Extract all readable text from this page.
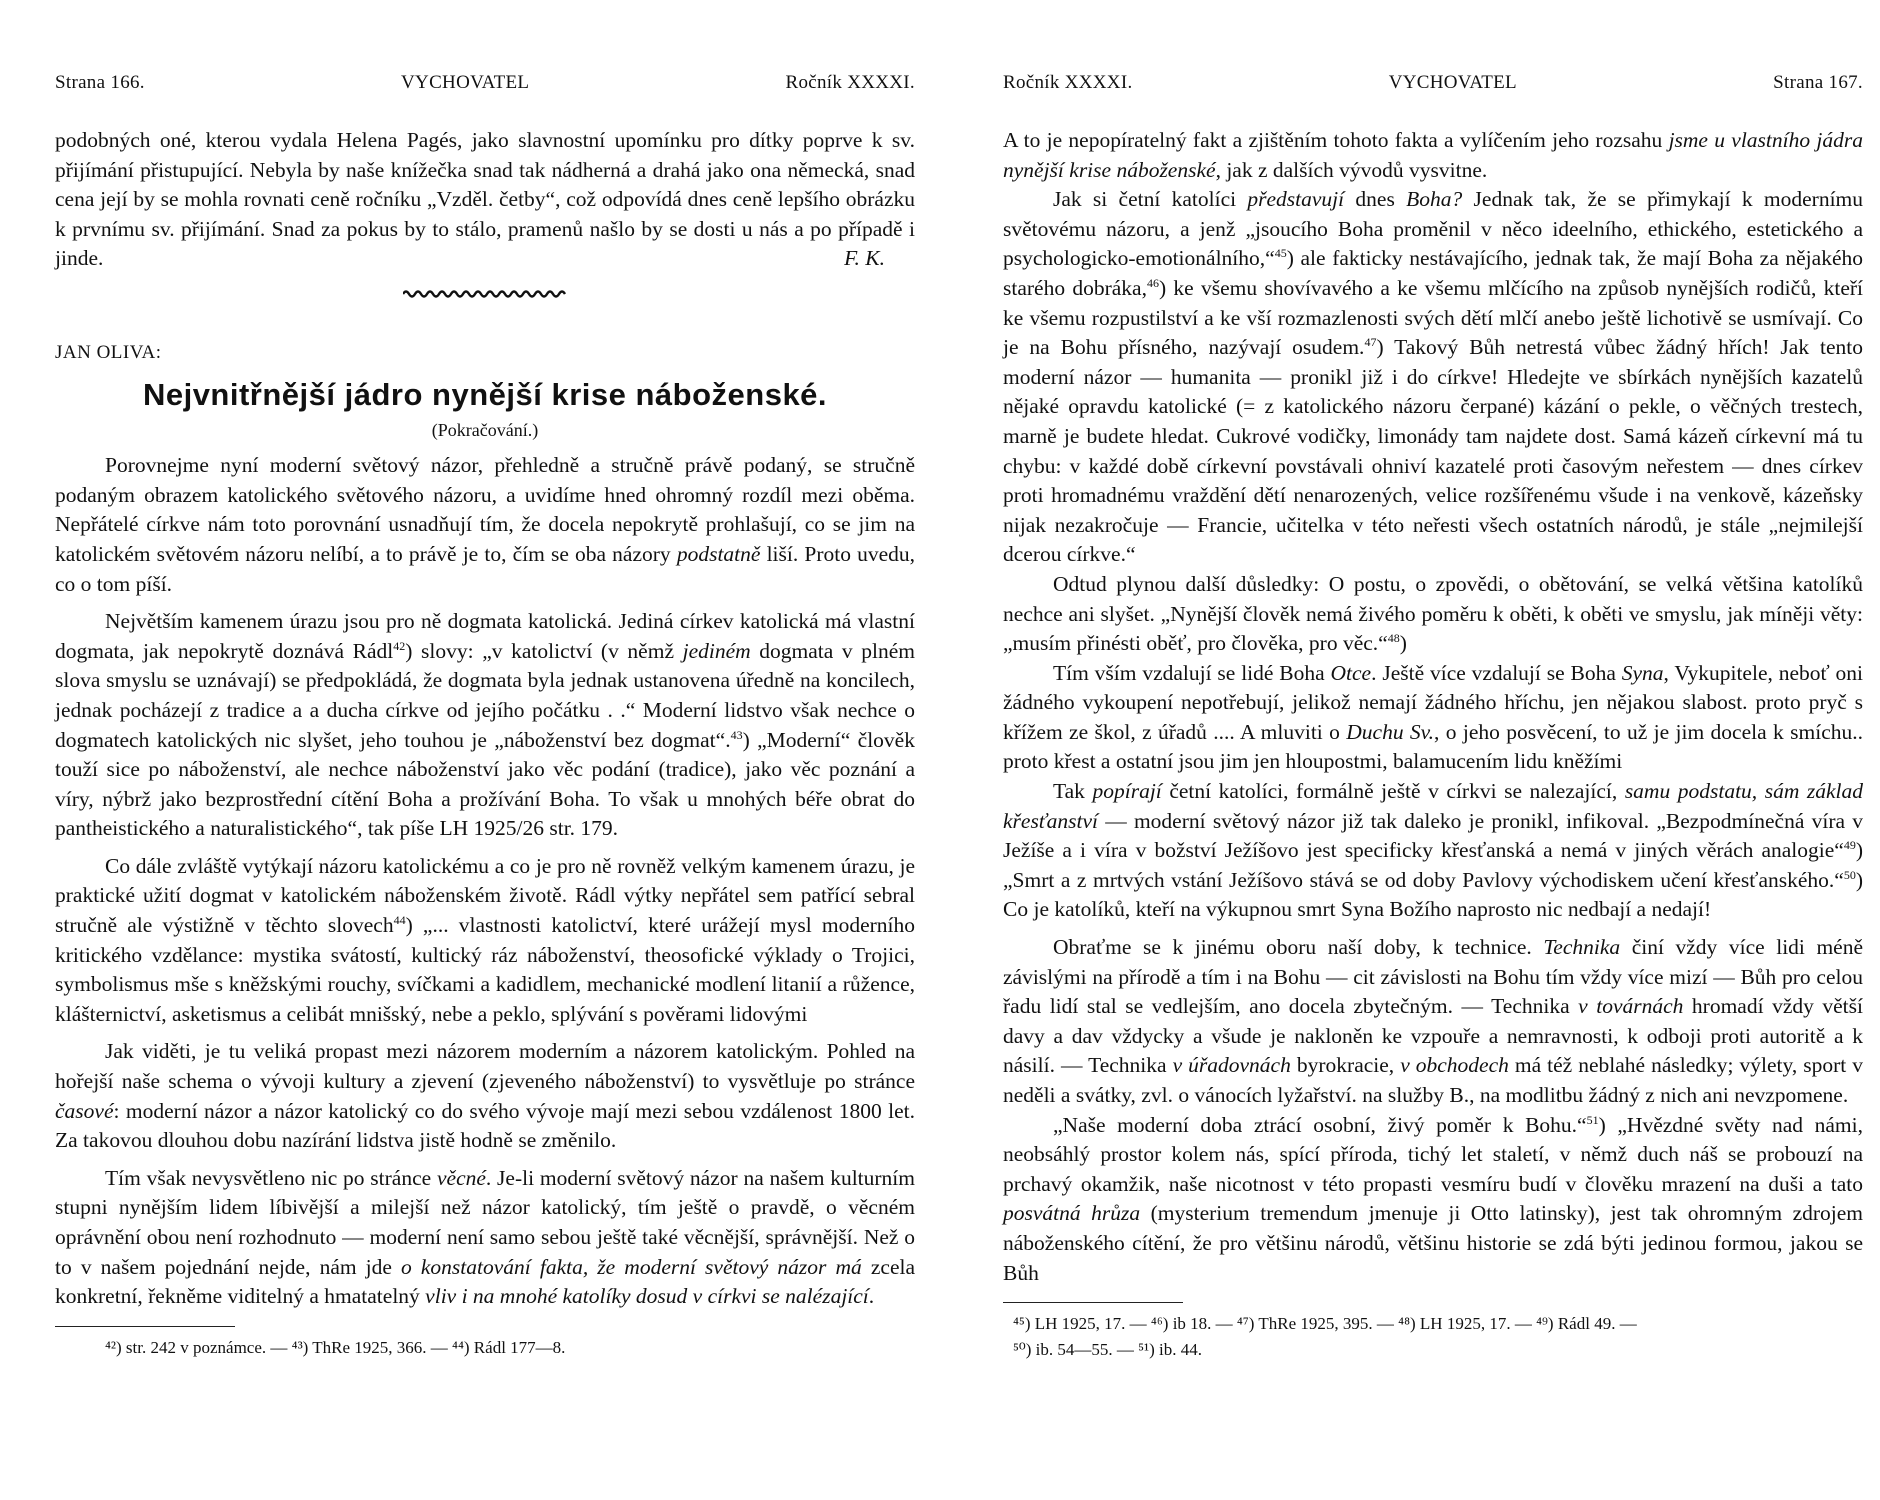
Strana 166.	VYCHOVATEL	Ročník XXXXI.

podobných oné, kterou vydala Helena Pagés, jako slavnostní upomínku pro dítky poprve k sv. přijímání přistupující. Nebyla by naše knížečka snad tak nádherná a drahá jako ona německá, snad cena její by se mohla rovnati ceně ročníku „Vzděl. četby“, což odpovídá dnes ceně lepšího obrázku k prvnímu sv. přijímání. Snad za pokus by to stálo, pramenů našlo by se dosti u nás a po případě i jinde.	F. K.
JAN OLIVA:
Nejvnitřnější jádro nynější krise náboženské.
(Pokračování.)

Porovnejme nyní moderní světový názor, přehledně a stručně právě podaný, se stručně podaným obrazem katolického světového názoru, a uvidíme hned ohromný rozdíl mezi oběma. Nepřátelé církve nám toto porovnání usnadňují tím, že docela nepokrytě prohlašují, co se jim na katolickém světovém názoru nelíbí, a to právě je to, čím se oba názory podstatně liší. Proto uvedu, co o tom píší.

Největším kamenem úrazu jsou pro ně dogmata katolická. Jediná církev katolická má vlastní dogmata, jak nepokrytě doznává Rádl$^{42}$) slovy: „v katolictví (v němž jediném dogmata v plném slova smyslu se uznávají) se předpokládá, že dogmata byla jednak ustanovena úředně na koncilech, jednak pocházejí z tradice a a ducha církve od jejího počátku . .“ Moderní lidstvo však nechce o dogmatech katolických nic slyšet, jeho touhou je „náboženství bez dogmat“.$^{43}$) „Moderní“ člověk touží sice po náboženství, ale nechce náboženství jako věc podání (tradice), jako věc poznání a víry, nýbrž jako bezprostřední cítění Boha a prožívání Boha. To však u mnohých béře obrat do pantheistického a naturalistického“, tak píše LH 1925/26 str. 179.

Co dále zvláště vytýkají názoru katolickému a co je pro ně rovněž velkým kamenem úrazu, je praktické užití dogmat v katolickém náboženském životě. Rádl výtky nepřátel sem patřící sebral stručně ale výstižně v těchto slovech$^{44}$) „... vlastnosti katolictví, které urážejí mysl moderního kritického vzdělance: mystika svátostí, kultický ráz náboženství, theosofické výklady o Trojici, symbolismus mše s kněžskými rouchy, svíčkami a kadidlem, mechanické modlení litanií a růžence, klášternictví, asketismus a celibát mnišský, nebe a peklo, splývání s pověrami lidovými

Jak viděti, je tu veliká propast mezi názorem moderním a názorem katolickým. Pohled na hořejší naše schema o vývoji kultury a zjevení (zjeveného náboženství) to vysvětluje po stránce časové: moderní názor a názor katolický co do svého vývoje mají mezi sebou vzdálenost 1800 let. Za takovou dlouhou dobu nazírání lidstva jistě hodně se změnilo.

Tím však nevysvětleno nic po stránce věcné. Je-li moderní světový názor na našem kulturním stupni nynějším lidem líbivější a milejší než názor katolický, tím ještě o pravdě, o věcném oprávnění obou není rozhodnuto — moderní není samo sebou ještě také věcnější, správnější. Než o to v našem pojednání nejde, nám jde o konstatování fakta, že moderní světový názor má zcela konkretní, řekněme viditelný a hmatatelný vliv i na mnohé katolíky dosud v církvi se nalézající.

⁴²) str. 242 v poznámce. — ⁴³) ThRe 1925, 366. — ⁴⁴) Rádl 177—8.
Ročník XXXXI.	VYCHOVATEL	Strana 167.

A to je nepopíratelný fakt a zjištěním tohoto fakta a vylíčením jeho rozsahu jsme u vlastního jádra nynější krise náboženské, jak z dalších vývodů vysvitne.

Jak si četní katolíci představují dnes Boha? Jednak tak, že se přimykají k modernímu světovému názoru, a jenž „jsoucího Boha proměnil v něco ideelního, ethického, estetického a psychologicko-emotionálního,“$^{45}$) ale fakticky nestávajícího, jednak tak, že mají Boha za nějakého starého dobráka,$^{46}$) ke všemu shovívavého a ke všemu mlčícího na způsob nynějších rodičů, kteří ke všemu rozpustilství a ke vší rozmazlenosti svých dětí mlčí anebo ještě lichotivě se usmívají. Co je na Bohu přísného, nazývají osudem.$^{47}$) Takový Bůh netrestá vůbec žádný hřích! Jak tento moderní názor — humanita — pronikl již i do církve! Hledejte ve sbírkách nynějších kazatelů nějaké opravdu katolické (= z katolického názoru čerpané) kázání o pekle, o věčných trestech, marně je budete hledat. Cukrové vodičky, limonády tam najdete dost. Samá kázeň církevní má tu chybu: v každé době církevní povstávali ohniví kazatelé proti časovým neřestem — dnes církev proti hromadnému vraždění dětí nenarozených, velice rozšířenému všude i na venkově, kázeňsky nijak nezakročuje — Francie, učitelka v této neřesti všech ostatních národů, je stále „nejmilejší dcerou církve.“

Odtud plynou další důsledky: O postu, o zpovědi, o obětování, se velká většina katolíků nechce ani slyšet. „Nynější člověk nemá živého poměru k oběti, k oběti ve smyslu, jak míněji věty: „musím přinésti oběť, pro člověka, pro věc.“$^{48}$)

Tím vším vzdalují se lidé Boha Otce. Ještě více vzdalují se Boha Syna, Vykupitele, neboť oni žádného vykoupení nepotřebují, jelikož nemají žádného hříchu, jen nějakou slabost. proto pryč s křížem ze škol, z úřadů .... A mluviti o Duchu Sv., o jeho posvěcení, to už je jim docela k smíchu.. proto křest a ostatní jsou jim jen hloupostmi, balamucením lidu kněžími

Tak popírají četní katolíci, formálně ještě v církvi se nalezající, samu podstatu, sám základ křesťanství — moderní světový názor již tak daleko je pronikl, infikoval. „Bezpodmínečná víra v Ježíše a i víra v božství Ježíšovo jest specificky křesťanská a nemá v jiných věrách analogie“$^{49}$) „Smrt a z mrtvých vstání Ježíšovo stává se od doby Pavlovy východiskem učení křesťanského.“$^{50}$) Co je katolíků, kteří na výkupnou smrt Syna Božího naprosto nic nedbají a nedají!

Obraťme se k jinému oboru naší doby, k technice. Technika činí vždy více lidi méně závislými na přírodě a tím i na Bohu — cit závislosti na Bohu tím vždy více mizí — Bůh pro celou řadu lidí stal se vedlejším, ano docela zbytečným. — Technika v továrnách hromadí vždy větší davy a dav vždycky a všude je nakloněn ke vzpouře a nemravnosti, k odboji proti autoritě a k násilí. — Technika v úřadovnách byrokracie, v obchodech má též neblahé následky; výlety, sport v neděli a svátky, zvl. o vánocích lyžařství. na služby B., na modlitbu žádný z nich ani nevzpomene.

„Naše moderní doba ztrácí osobní, živý poměr k Bohu.“$^{51}$) „Hvězdné světy nad námi, neobsáhlý prostor kolem nás, spící příroda, tichý let staletí, v němž duch náš se probouzí na prchavý okamžik, naše nicotnost v této propasti vesmíru budí v člověku mrazení na duši a tato posvátná hrůza (mysterium tremendum jmenuje ji Otto latinsky), jest tak ohromným zdrojem náboženského cítění, že pro většinu národů, většinu historie se zdá býti jedinou formou, jakou se Bůh

⁴⁵) LH 1925, 17. — ⁴⁶) ib 18. — ⁴⁷) ThRe 1925, 395. — ⁴⁸) LH 1925, 17. — ⁴⁹) Rádl 49. —
⁵⁰) ib. 54—55. — ⁵¹) ib. 44.
